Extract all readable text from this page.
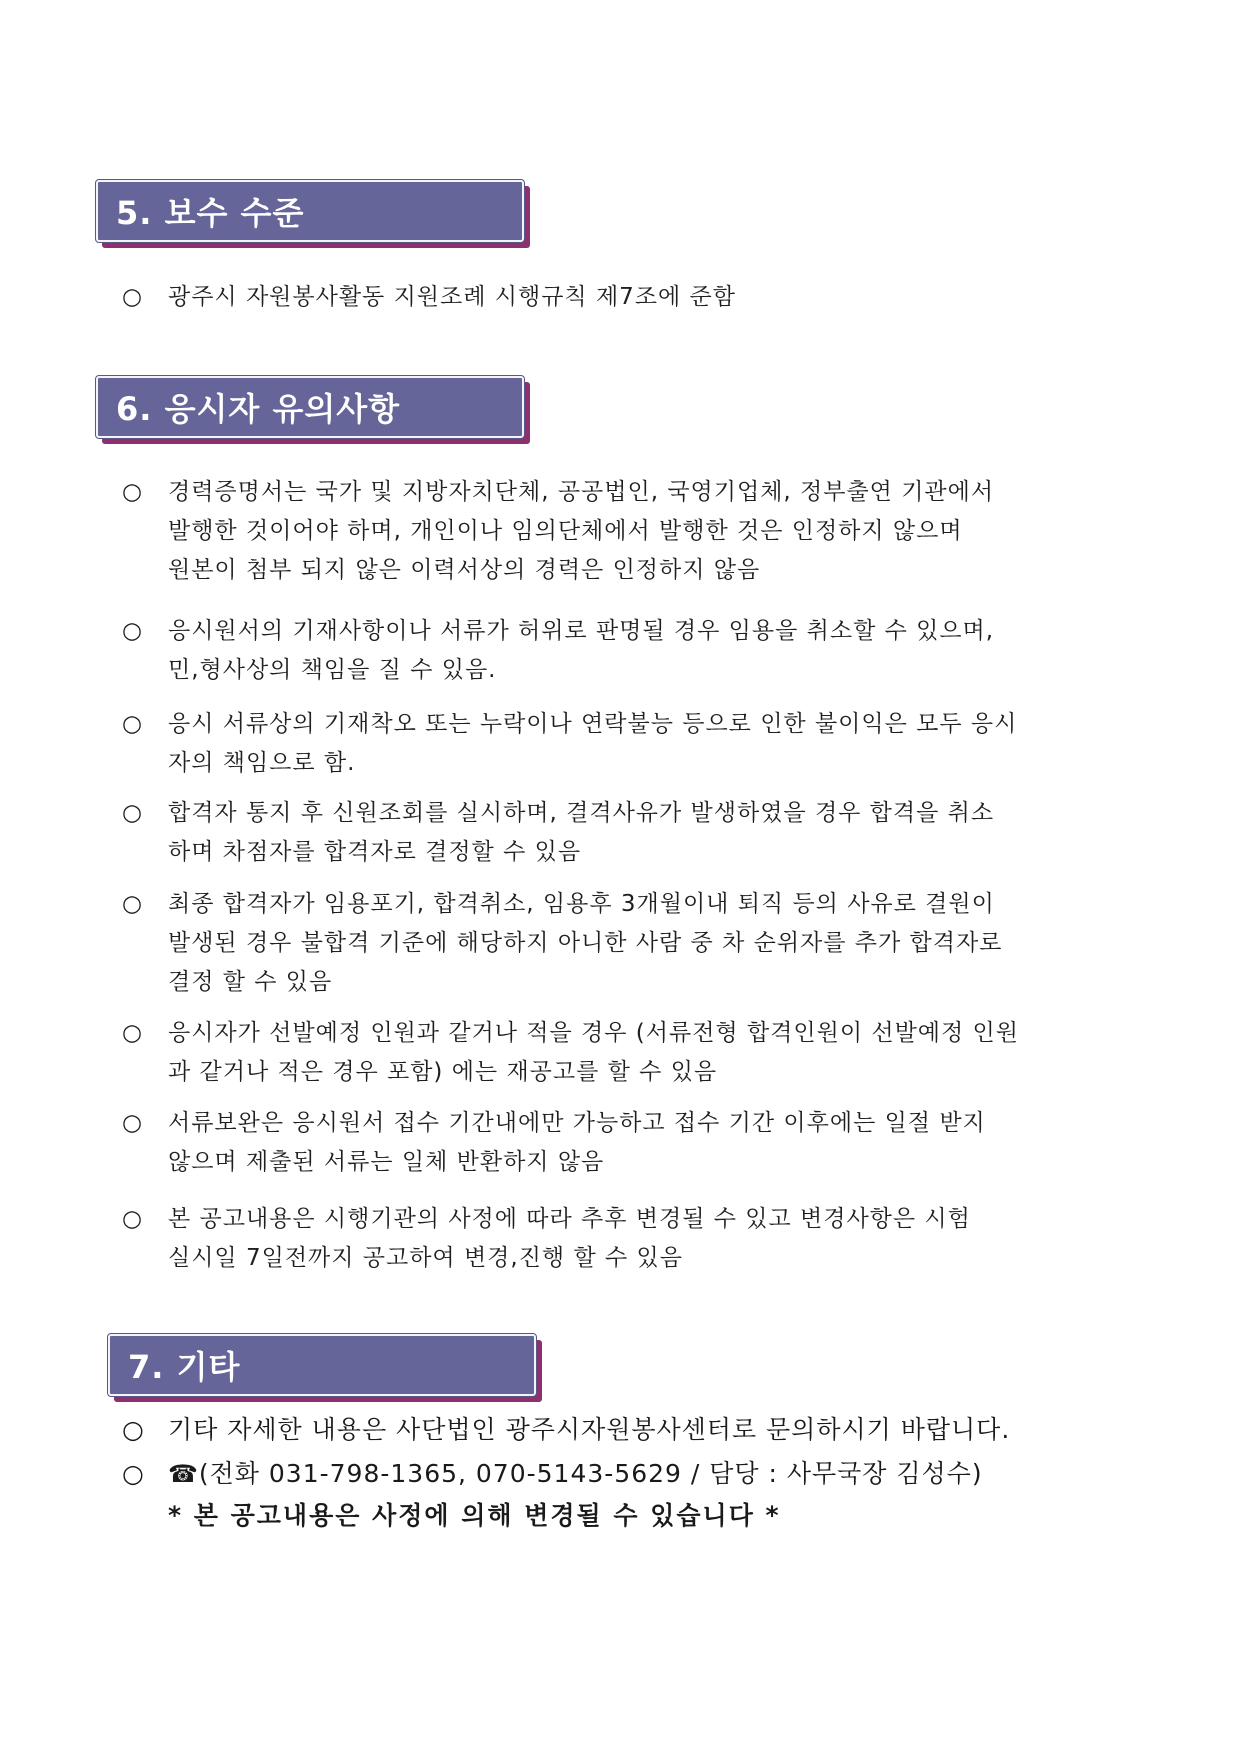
5. 보수 수준
○	광주시 자원봉사활동 지원조례 시행규칙 제7조에 준함
6. 응시자 유의사항
○	경력증명서는 국가 및 지방자치단체, 공공법인, 국영기업체, 정부출연 기관에서
발행한 것이어야 하며, 개인이나 임의단체에서 발행한 것은 인정하지 않으며
원본이 첨부 되지 않은 이력서상의 경력은 인정하지 않음
○	응시원서의 기재사항이나 서류가 허위로 판명될 경우 임용을 취소할 수 있으며,
민,형사상의 책임을 질 수 있음.
○	응시 서류상의 기재착오 또는 누락이나 연락불능 등으로 인한 불이익은 모두 응시
자의 책임으로 함.
○	합격자 통지 후 신원조회를 실시하며, 결격사유가 발생하였을 경우 합격을 취소
하며 차점자를 합격자로 결정할 수 있음
○	최종 합격자가 임용포기, 합격취소, 임용후 3개월이내 퇴직 등의 사유로 결원이
발생된 경우 불합격 기준에 해당하지 아니한 사람 중 차 순위자를 추가 합격자로
결정 할 수 있음
○	응시자가 선발예정 인원과 같거나 적을 경우 (서류전형 합격인원이 선발예정 인원
과 같거나 적은 경우 포함) 에는 재공고를 할 수 있음
○	서류보완은 응시원서 접수 기간내에만 가능하고 접수 기간 이후에는 일절 받지
않으며 제출된 서류는 일체 반환하지 않음
○	본 공고내용은 시행기관의 사정에 따라 추후 변경될 수 있고 변경사항은 시험
실시일 7일전까지 공고하여 변경,진행 할 수 있음
7. 기타
○ 기타 자세한 내용은 사단법인 광주시자원봉사센터로 문의하시기 바랍니다.
○ ☎(전화 031-798-1365, 070-5143-5629 / 담당 : 사무국장 김성수)
* 본 공고내용은 사정에 의해 변경될 수 있습니다 *
